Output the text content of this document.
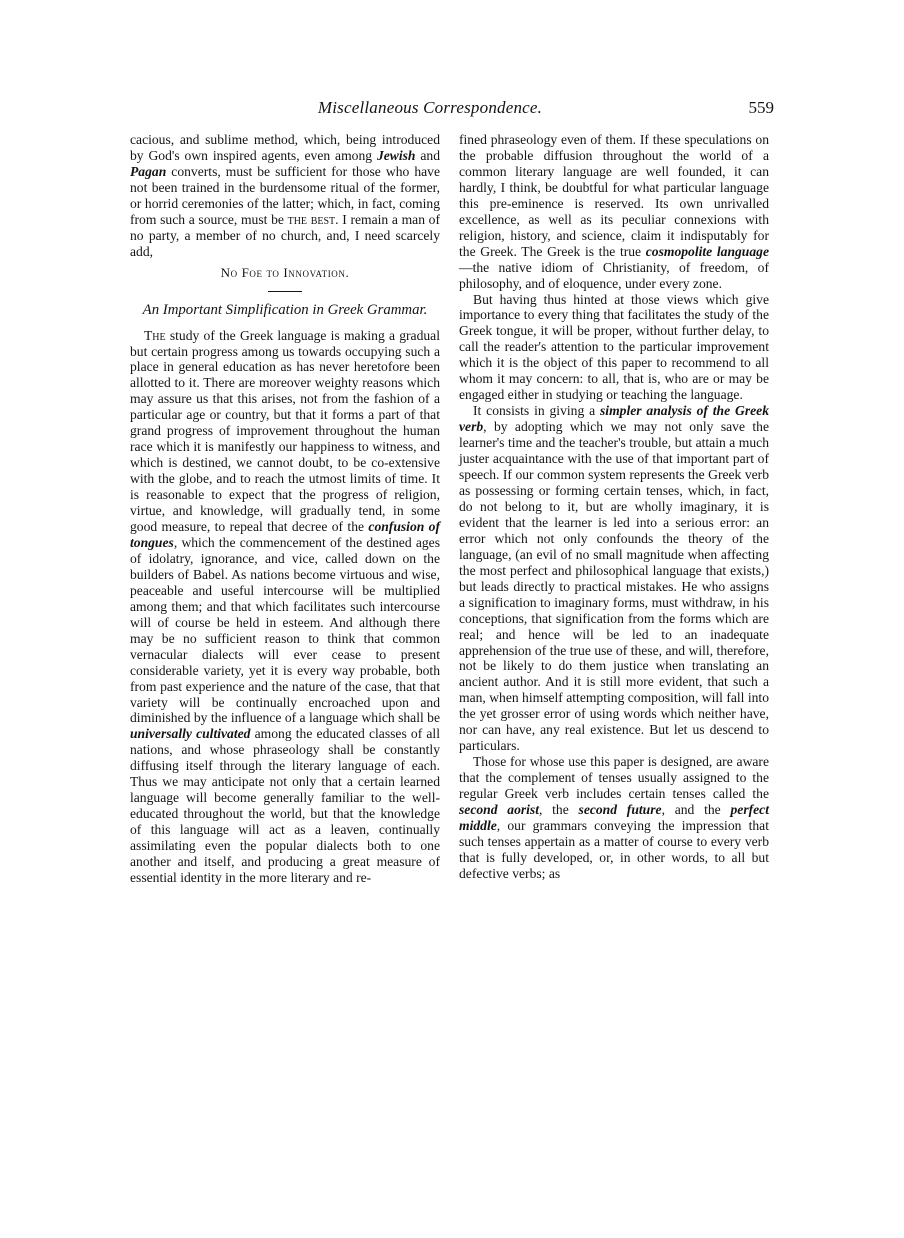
Miscellaneous Correspondence.	559

cacious, and sublime method, which, being introduced by God's own inspired agents, even among Jewish and Pagan converts, must be sufficient for those who have not been trained in the burdensome ritual of the former, or horrid ceremonies of the latter; which, in fact, coming from such a source, must be the best. I remain a man of no party, a member of no church, and, I need scarcely add,

No Foe to Innovation.
An Important Simplification in Greek Grammar.

The study of the Greek language is making a gradual but certain progress among us towards occupying such a place in general education as has never heretofore been allotted to it. There are moreover weighty reasons which may assure us that this arises, not from the fashion of a particular age or country, but that it forms a part of that grand progress of improvement throughout the human race which it is manifestly our happiness to witness, and which is destined, we cannot doubt, to be co-extensive with the globe, and to reach the utmost limits of time. It is reasonable to expect that the progress of religion, virtue, and knowledge, will gradually tend, in some good measure, to repeal that decree of the confusion of tongues, which the commencement of the destined ages of idolatry, ignorance, and vice, called down on the builders of Babel. As nations become virtuous and wise, peaceable and useful intercourse will be multiplied among them; and that which facilitates such intercourse will of course be held in esteem. And although there may be no sufficient reason to think that common vernacular dialects will ever cease to present considerable variety, yet it is every way probable, both from past experience and the nature of the case, that that variety will be continually encroached upon and diminished by the influence of a language which shall be universally cultivated among the educated classes of all nations, and whose phraseology shall be constantly diffusing itself through the literary language of each. Thus we may anticipate not only that a certain learned language will become generally familiar to the well-educated throughout the world, but that the knowledge of this language will act as a leaven, continually assimilating even the popular dialects both to one another and itself, and producing a great measure of essential identity in the more literary and re-

fined phraseology even of them. If these speculations on the probable diffusion throughout the world of a common literary language are well founded, it can hardly, I think, be doubtful for what particular language this pre-eminence is reserved. Its own unrivalled excellence, as well as its peculiar connexions with religion, history, and science, claim it indisputably for the Greek. The Greek is the true cosmopolite language—the native idiom of Christianity, of freedom, of philosophy, and of eloquence, under every zone.

But having thus hinted at those views which give importance to every thing that facilitates the study of the Greek tongue, it will be proper, without further delay, to call the reader's attention to the particular improvement which it is the object of this paper to recommend to all whom it may concern: to all, that is, who are or may be engaged either in studying or teaching the language.

It consists in giving a simpler analysis of the Greek verb, by adopting which we may not only save the learner's time and the teacher's trouble, but attain a much juster acquaintance with the use of that important part of speech. If our common system represents the Greek verb as possessing or forming certain tenses, which, in fact, do not belong to it, but are wholly imaginary, it is evident that the learner is led into a serious error: an error which not only confounds the theory of the language, (an evil of no small magnitude when affecting the most perfect and philosophical language that exists,) but leads directly to practical mistakes. He who assigns a signification to imaginary forms, must withdraw, in his conceptions, that signification from the forms which are real; and hence will be led to an inadequate apprehension of the true use of these, and will, therefore, not be likely to do them justice when translating an ancient author. And it is still more evident, that such a man, when himself attempting composition, will fall into the yet grosser error of using words which neither have, nor can have, any real existence. But let us descend to particulars.

Those for whose use this paper is designed, are aware that the complement of tenses usually assigned to the regular Greek verb includes certain tenses called the second aorist, the second future, and the perfect middle, our grammars conveying the impression that such tenses appertain as a matter of course to every verb that is fully developed, or, in other words, to all but defective verbs; as
